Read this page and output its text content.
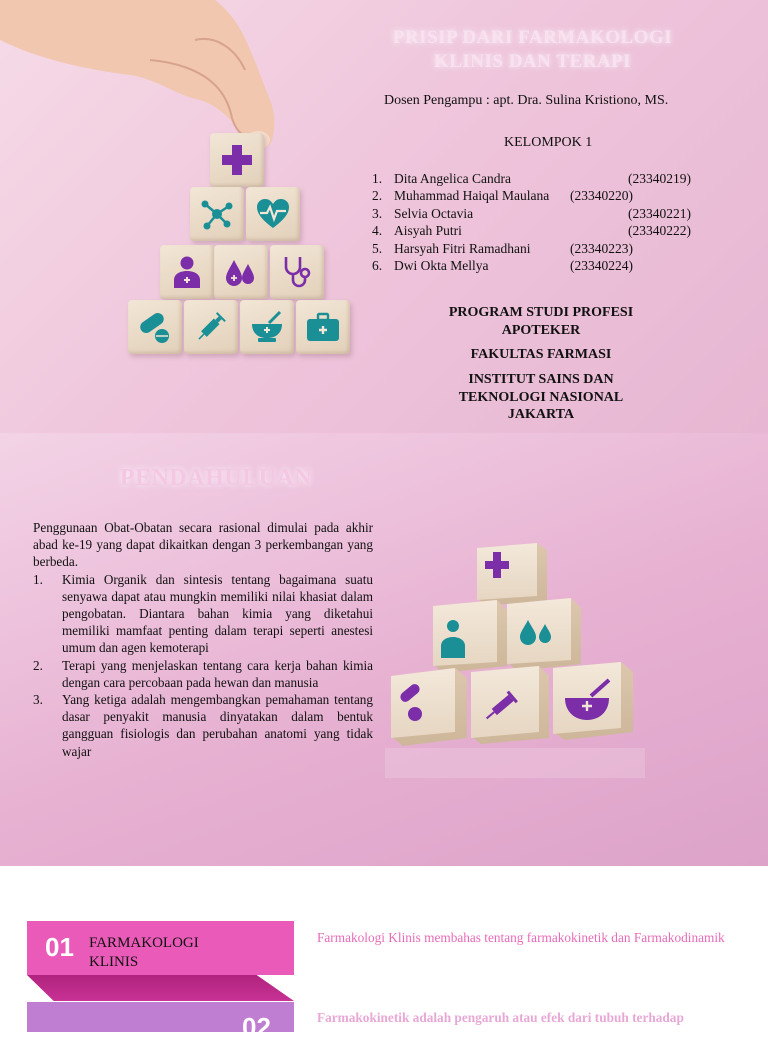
PRISIP DARI FARMAKOLOGI KLINIS DAN TERAPI
Dosen Pengampu : apt. Dra. Sulina Kristiono, MS.
KELOMPOK 1
1. Dita Angelica Candra	(23340219)
2. Muhammad Haiqal Maulana (23340220)
3. Selvia Octavia	(23340221)
4. Aisyah Putri	(23340222)
5. Harsyah Fitri Ramadhani	(23340223)
6. Dwi Okta Mellya	(23340224)
PROGRAM STUDI PROFESI APOTEKER
FAKULTAS FARMASI
INSTITUT SAINS DAN TEKNOLOGI NASIONAL JAKARTA
PENDAHULUAN

Penggunaan Obat-Obatan secara rasional dimulai pada akhir abad ke-19 yang dapat dikaitkan dengan 3 perkembangan yang berbeda.

1. Kimia Organik dan sintesis tentang bagaimana suatu senyawa dapat atau mungkin memiliki nilai khasiat dalam pengobatan. Diantara bahan kimia yang diketahui memiliki mamfaat penting dalam terapi seperti anestesi umum dan agen kemoterapi
2. Terapi yang menjelaskan tentang cara kerja bahan kimia dengan cara percobaan pada hewan dan manusia
3. Yang ketiga adalah mengembangkan pemahaman tentang dasar penyakit manusia dinyatakan dalam bentuk gangguan fisiologis dan perubahan anatomi yang tidak wajar
01 FARMAKOLOGI KLINIS
Farmakologi Klinis membahas tentang farmakokinetik dan Farmakodinamik
02	Farmakokinetik adalah pengaruh atau efek dari tubuh terhadap
